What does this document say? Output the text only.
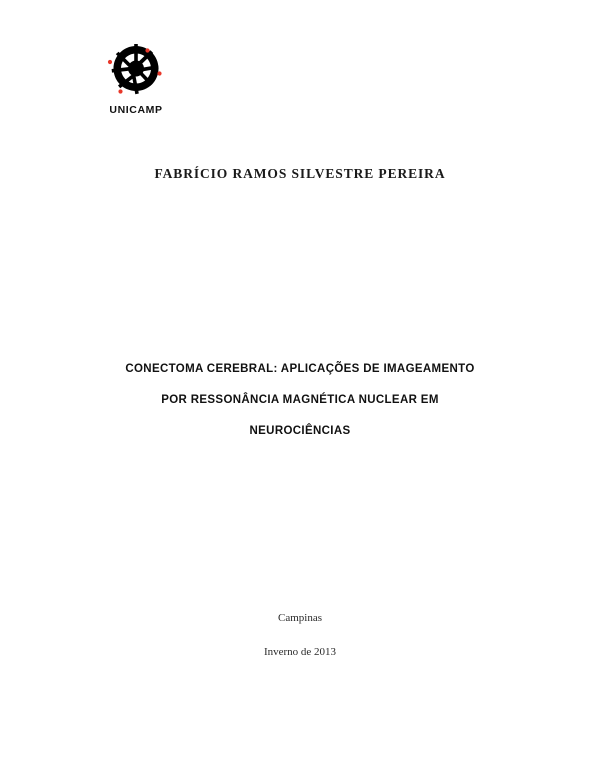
UNICAMP
FABRÍCIO RAMOS SILVESTRE PEREIRA
CONECTOMA CEREBRAL: APLICAÇÕES DE IMAGEAMENTO
POR RESSONÂNCIA MAGNÉTICA NUCLEAR EM
NEUROCIÊNCIAS
Campinas
Inverno de 2013
